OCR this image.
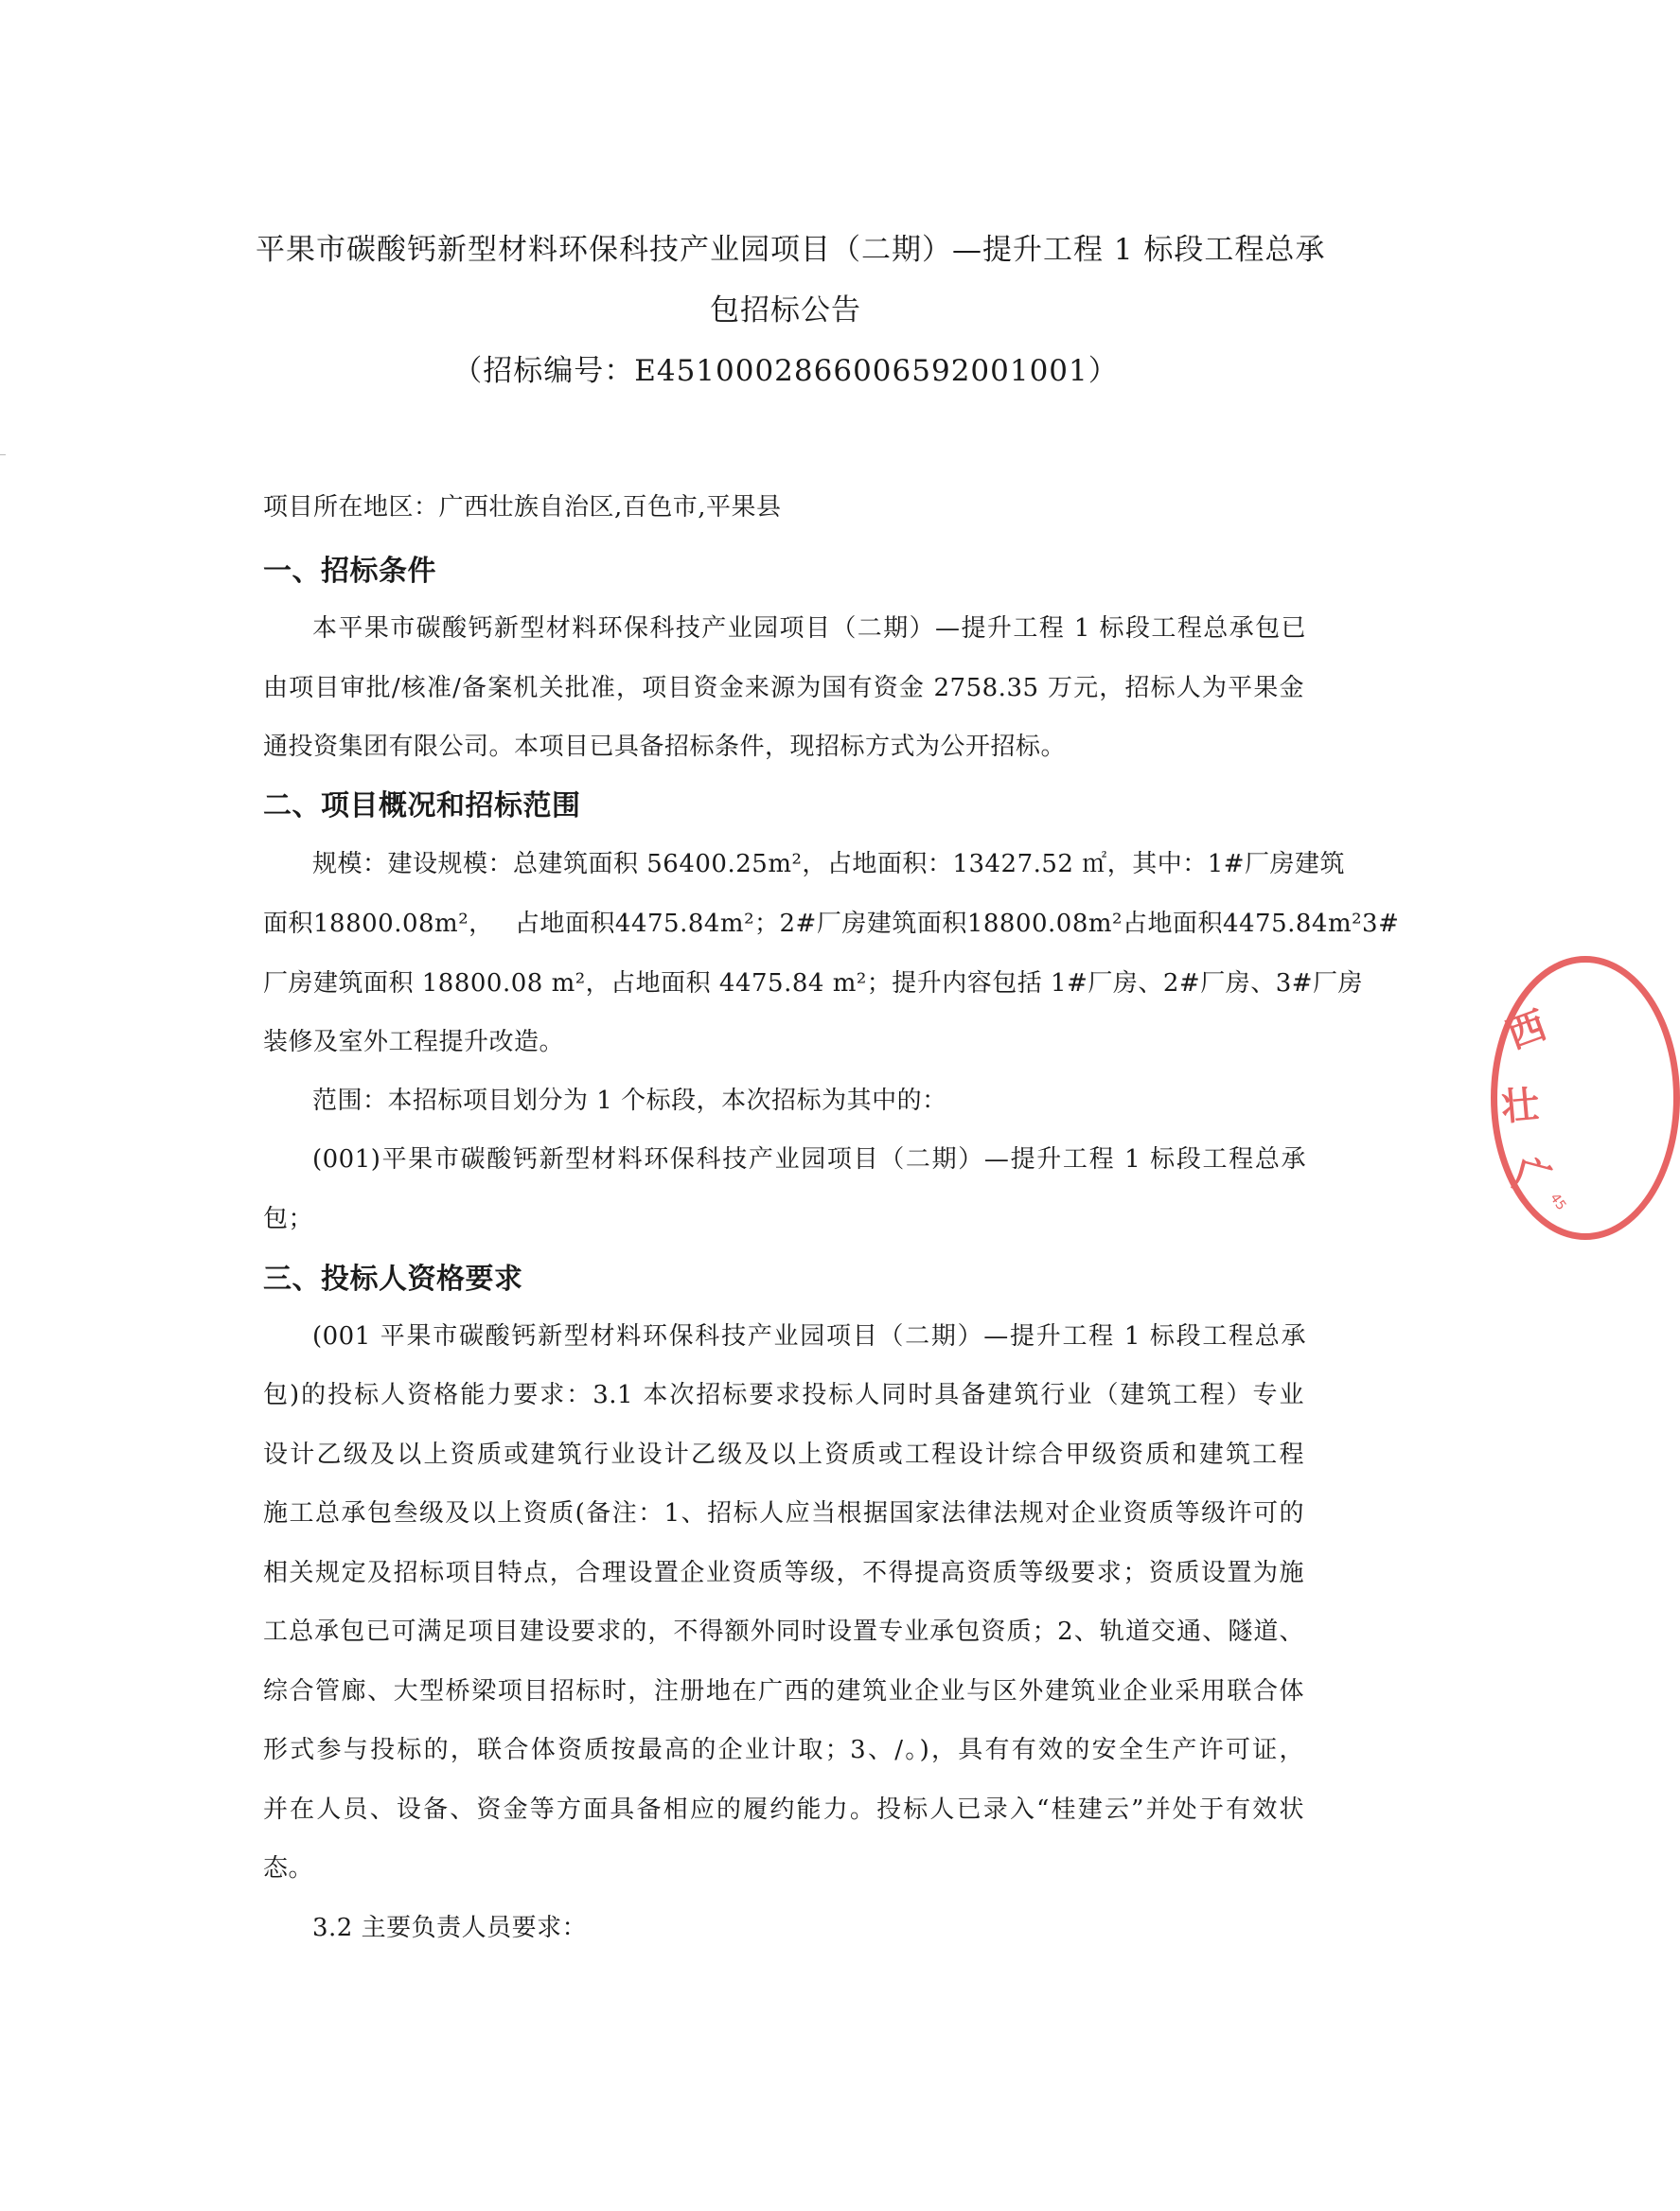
平果市碳酸钙新型材料环保科技产业园项目（二期）—提升工程 1 标段工程总承
包招标公告
（招标编号：E4510002866006592001001）
项目所在地区：广西壮族自治区,百色市,平果县
一、招标条件
本平果市碳酸钙新型材料环保科技产业园项目（二期）—提升工程 1 标段工程总承包已
由项目审批/核准/备案机关批准，项目资金来源为国有资金 2758.35 万元，招标人为平果金
通投资集团有限公司。本项目已具备招标条件，现招标方式为公开招标。
二、项目概况和招标范围
规模：建设规模：总建筑面积 56400.25m²，占地面积：13427.52 ㎡，其中：1#厂房建筑
面积18800.08m²，　 占地面积4475.84m²；2#厂房建筑面积18800.08m²占地面积4475.84m²3#
厂房建筑面积 18800.08 m²，占地面积 4475.84 m²；提升内容包括 1#厂房、2#厂房、3#厂房
装修及室外工程提升改造。
范围：本招标项目划分为 1 个标段，本次招标为其中的：
(001)平果市碳酸钙新型材料环保科技产业园项目（二期）—提升工程 1 标段工程总承
包；
三、投标人资格要求
(001 平果市碳酸钙新型材料环保科技产业园项目（二期）—提升工程 1 标段工程总承
包)的投标人资格能力要求：3.1 本次招标要求投标人同时具备建筑行业（建筑工程）专业
设计乙级及以上资质或建筑行业设计乙级及以上资质或工程设计综合甲级资质和建筑工程
施工总承包叁级及以上资质(备注：1、招标人应当根据国家法律法规对企业资质等级许可的
相关规定及招标项目特点，合理设置企业资质等级，不得提高资质等级要求；资质设置为施
工总承包已可满足项目建设要求的，不得额外同时设置专业承包资质；2、轨道交通、隧道、
综合管廊、大型桥梁项目招标时，注册地在广西的建筑业企业与区外建筑业企业采用联合体
形式参与投标的，联合体资质按最高的企业计取；3、/。)，具有有效的安全生产许可证，
并在人员、设备、资金等方面具备相应的履约能力。投标人已录入“桂建云”并处于有效状
态。
3.2 主要负责人员要求：
西
壮
广
45
